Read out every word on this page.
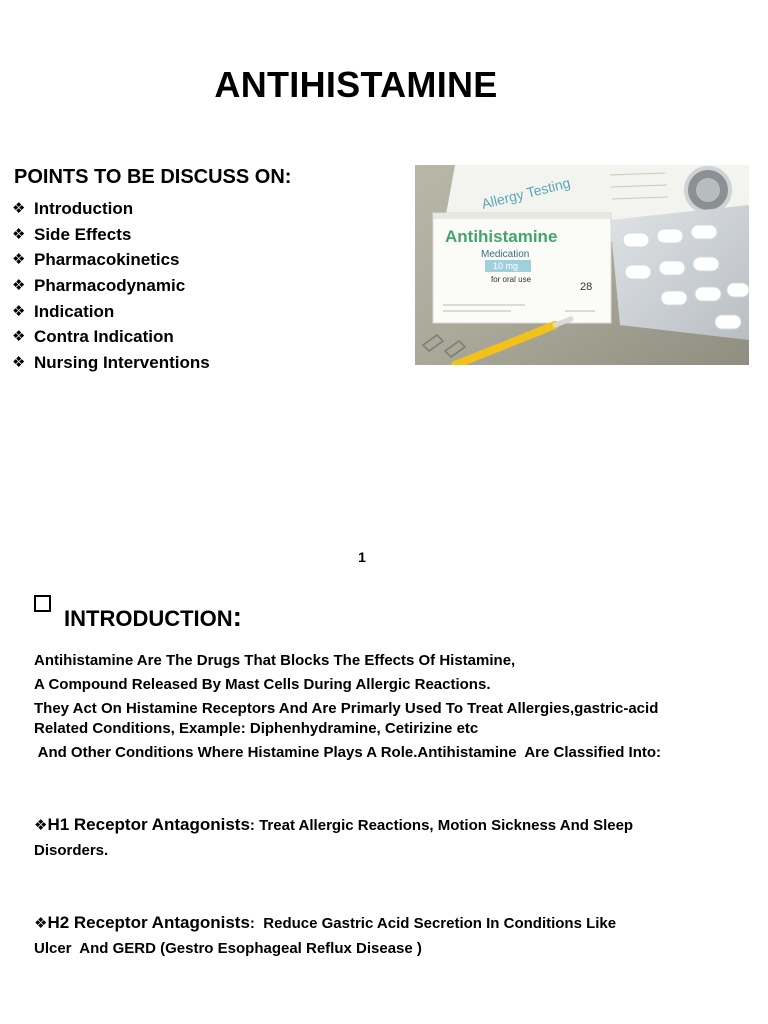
ANTIHISTAMINE
POINTS TO BE DISCUSS ON:
❖ Introduction
❖ Side Effects
❖ Pharmacokinetics
❖ Pharmacodynamic
❖ Indication
❖ Contra Indication
❖ Nursing Interventions
Allergy Testing
Antihistamine
Medication
10 mg
for oral use
28
1
INTRODUCTION:
Antihistamine Are The Drugs That Blocks The Effects Of Histamine,
A Compound Released By Mast Cells During Allergic Reactions.
They Act On Histamine Receptors And Are Primarly Used To Treat Allergies,gastric-acid
Related Conditions, Example: Diphenhydramine, Cetirizine etc
And Other Conditions Where Histamine Plays A Role.Antihistamine  Are Classified Into:
❖H1 Receptor Antagonists: Treat Allergic Reactions, Motion Sickness And Sleep
Disorders.
❖H2 Receptor Antagonists:  Reduce Gastric Acid Secretion In Conditions Like
Ulcer  And GERD (Gestro Esophageal Reflux Disease )
